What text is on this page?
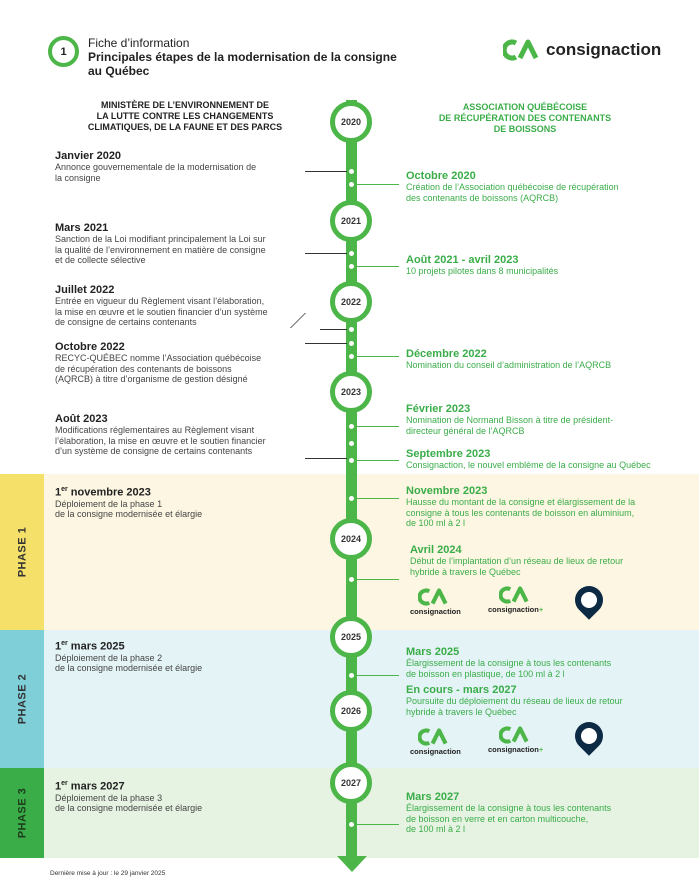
PHASE 1
PHASE 2
PHASE 3
1
Fiche d’information
Principales étapes de la modernisation de la consigne
au Québec
consignaction
MINISTÈRE DE L’ENVIRONNEMENT DE
LA LUTTE CONTRE LES CHANGEMENTS
CLIMATIQUES, DE LA FAUNE ET DES PARCS
ASSOCIATION QUÉBÉCOISE
DE RÉCUPÉRATION DES CONTENANTS
DE BOISSONS
2020
2021
2022
2023
2024
2025
2026
2027
Janvier 2020
Annonce gouvernementale de la modernisation de
la consigne
Mars 2021
Sanction de la Loi modifiant principalement la Loi sur
la qualité de l’environnement en matière de consigne
et de collecte sélective
Juillet 2022
Entrée en vigueur du Règlement visant l’élaboration,
la mise en œuvre et le soutien financier d’un système
de consigne de certains contenants
Octobre 2022
RECYC-QUÉBEC nomme l’Association québécoise
de récupération des contenants de boissons
(AQRCB) à titre d’organisme de gestion désigné
Août 2023
Modifications réglementaires au Règlement visant
l’élaboration, la mise en œuvre et le soutien financier
d’un système de consigne de certains contenants
1er novembre 2023
Déploiement de la phase 1
de la consigne modernisée et élargie
1er mars 2025
Déploiement de la phase 2
de la consigne modernisée et élargie
1er mars 2027
Déploiement de la phase 3
de la consigne modernisée et élargie
Octobre 2020
Création de l’Association québécoise de récupération
des contenants de boissons (AQRCB)
Août 2021 - avril 2023
10 projets pilotes dans 8 municipalités
Décembre 2022
Nomination du conseil d’administration de l’AQRCB
Février 2023
Nomination de Normand Bisson à titre de président-
directeur général de l’AQRCB
Septembre 2023
Consignaction, le nouvel emblème de la consigne au Québec
Novembre 2023
Hausse du montant de la consigne et élargissement de la
consigne à tous les contenants de boisson en aluminium,
de 100 ml à 2 l
Avril 2024
Début de l’implantation d’un réseau de lieux de retour
hybride à travers le Québec
Mars 2025
Élargissement de la consigne à tous les contenants
de boisson en plastique, de 100 ml à 2 l
En cours - mars 2027
Poursuite du déploiement du réseau de lieux de retour
hybride à travers le Québec
Mars 2027
Élargissement de la consigne à tous les contenants
de boisson en verre et en carton multicouche,
de 100 ml à 2 l
consignaction	consignaction+
consignaction	consignaction+
Dernière mise à jour : le 29 janvier 2025
